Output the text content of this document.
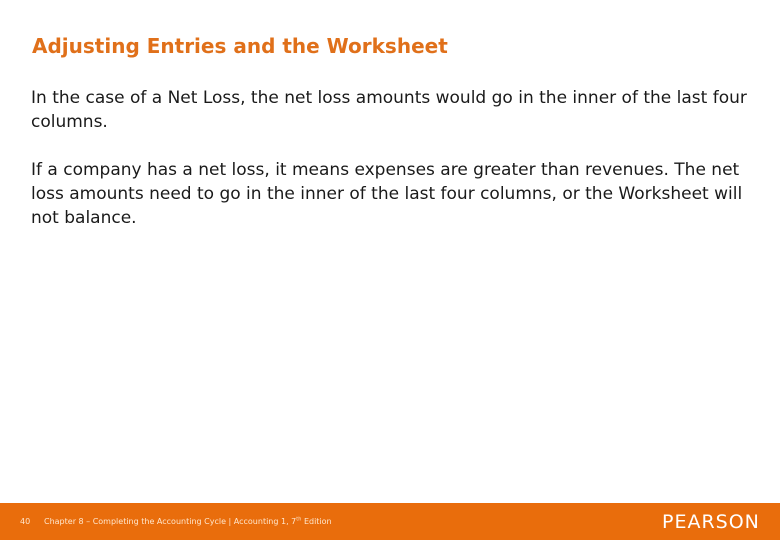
Adjusting Entries and the Worksheet

In the case of a Net Loss, the net loss amounts would go in the inner of the last four columns.

If a company has a net loss, it means expenses are greater than revenues. The net loss amounts need to go in the inner of the last four columns, or the Worksheet will not balance.

40 Chapter 8 – Completing the Accounting Cycle | Accounting 1, 7th Edition	PEARSON
